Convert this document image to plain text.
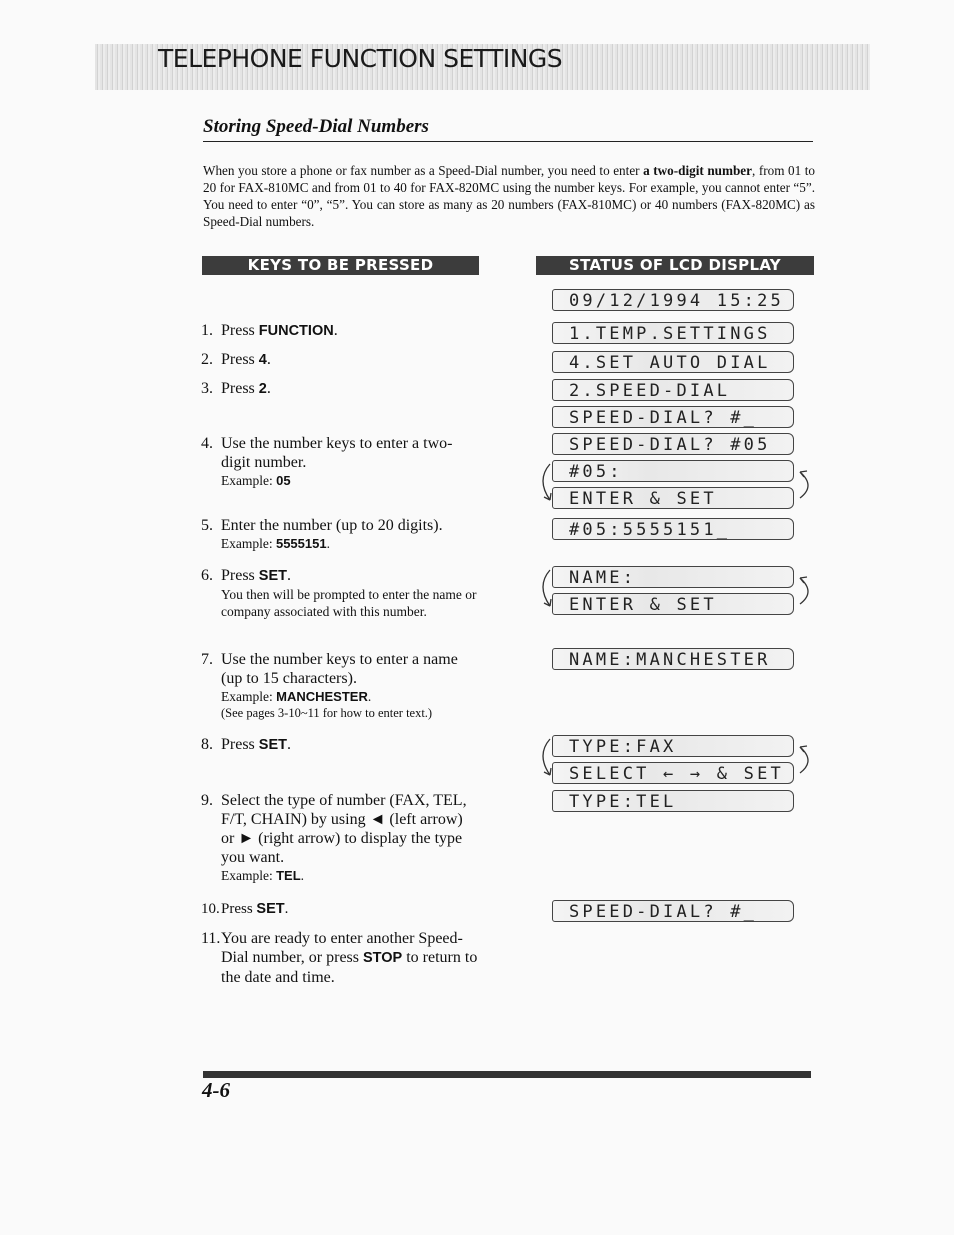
TELEPHONE FUNCTION SETTINGS
Storing Speed-Dial Numbers
When you store a phone or fax number as a Speed-Dial number, you need to enter a two-digit number, from 01 to 20 for FAX-810MC and from 01 to 40 for FAX-820MC using the number keys. For example, you cannot enter “5”. You need to enter “0”, “5”. You can store as many as 20 numbers (FAX-810MC) or 40 numbers (FAX-820MC) as Speed-Dial numbers.
KEYS TO BE PRESSED	STATUS OF LCD DISPLAY
1. Press FUNCTION.
2. Press 4.
3. Press 2.
4. Use the number keys to enter a two-digit number.
Example: 05
5. Enter the number (up to 20 digits).
Example: 5555151.
6. Press SET.
You then will be prompted to enter the name or company associated with this number.
7. Use the number keys to enter a name (up to 15 characters).
Example: MANCHESTER.
(See pages 3-10~11 for how to enter text.)
8. Press SET.
9. Select the type of number (FAX, TEL, F/T, CHAIN) by using ◄ (left arrow) or ► (right arrow) to display the type you want.
Example: TEL.
10.Press SET.
11. You are ready to enter another Speed-Dial number, or press STOP to return to the date and time.
09/12/1994 15:25
1.TEMP.SETTINGS
4.SET AUTO DIAL
2.SPEED-DIAL
SPEED-DIAL? #_
SPEED-DIAL? #05
#05:
ENTER & SET
#05:5555151_
NAME:
ENTER & SET
NAME:MANCHESTER
TYPE:FAX
SELECT ← → & SET
TYPE:TEL
SPEED-DIAL? #_
4-6
